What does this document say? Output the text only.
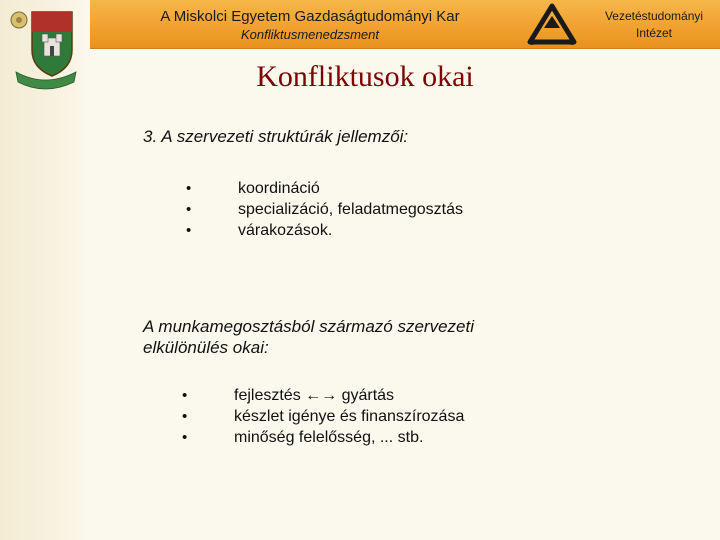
A Miskolci Egyetem Gazdaságtudományi Kar
Konfliktusmenedzsment
Vezetéstudományi
Intézet
Konfliktusok okai
3. A szervezeti struktúrák jellemzői:
•	koordináció
•	specializáció, feladatmegosztás
•	várakozások.
A munkamegosztásból származó szervezeti
elkülönülés okai:
•	fejlesztés ←→ gyártás
•	készlet igénye és finanszírozása
•	minőség felelősség, ... stb.
